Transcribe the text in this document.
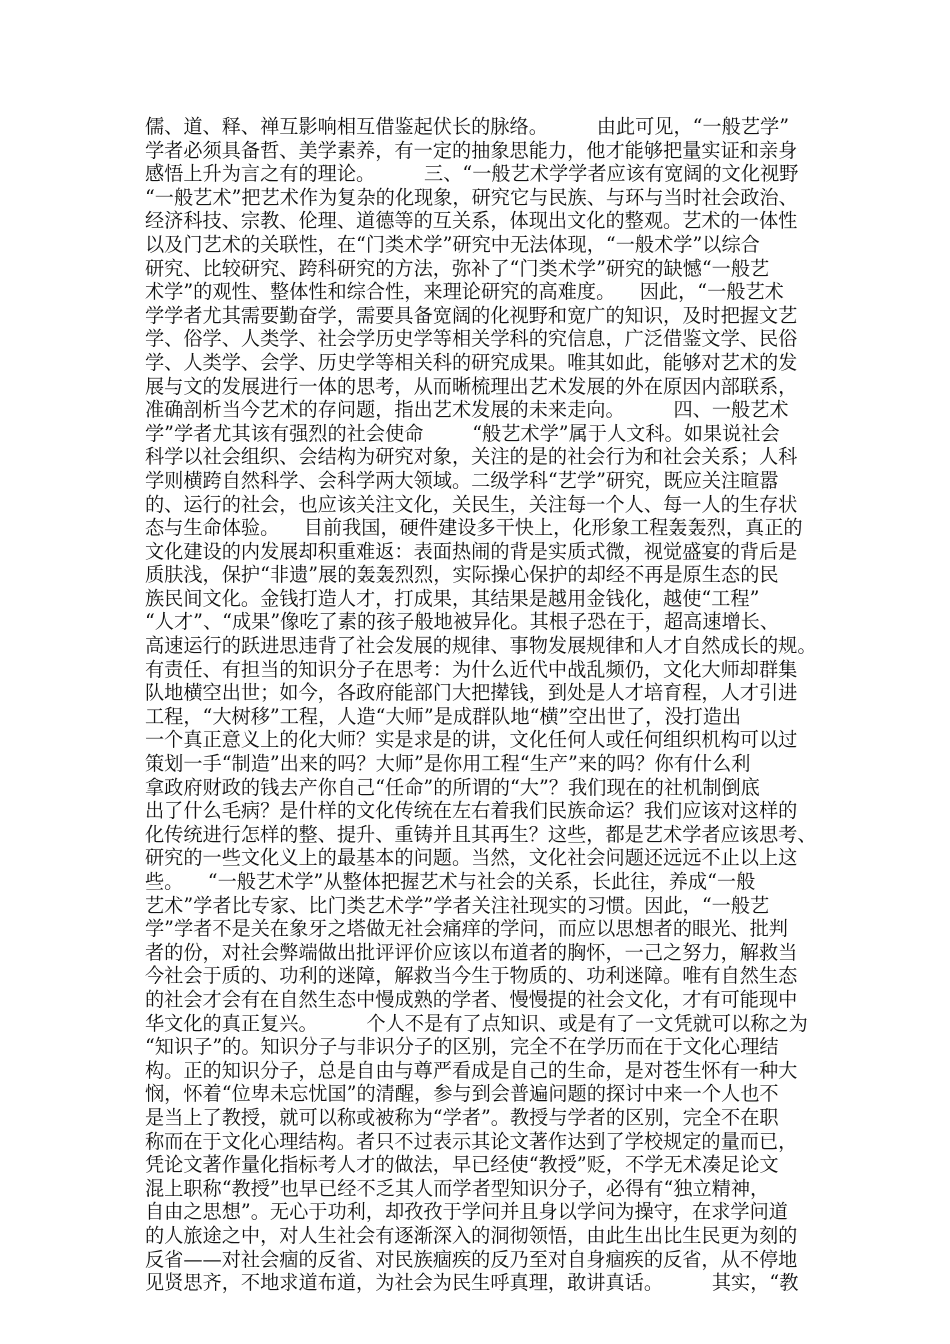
儒、道、释、禅互影响相互借鉴起伏长的脉络。        由此可见，“一般艺学”
学者必须具备哲、美学素养，有一定的抽象思能力，他才能够把量实证和亲身
感悟上升为言之有的理论。        三、“一般艺术学学者应该有宽阔的文化视野
“一般艺术”把艺术作为复杂的化现象，研究它与民族、与环与当时社会政治、
经济科技、宗教、伦理、道德等的互关系，体现出文化的整观。艺术的一体性
以及门艺术的关联性，在“门类术学”研究中无法体现，“一般术学”以综合
研究、比较研究、跨科研究的方法，弥补了“门类术学”研究的缺憾“一般艺
术学”的观性、整体性和综合性，来理论研究的高难度。    因此，“一般艺术
学学者尤其需要勤奋学，需要具备宽阔的化视野和宽广的知识，及时把握文艺
学、俗学、人类学、社会学历史学等相关学科的究信息，广泛借鉴文学、民俗
学、人类学、会学、历史学等相关科的研究成果。唯其如此，能够对艺术的发
展与文的发展进行一体的思考，从而晰梳理出艺术发展的外在原因内部联系，
准确剖析当今艺术的存问题，指出艺术发展的未来走向。        四、一般艺术
学”学者尤其该有强烈的社会使命        “般艺术学”属于人文科。如果说社会
科学以社会组织、会结构为研究对象，关注的是的社会行为和社会关系；人科
学则横跨自然科学、会科学两大领域。二级学科“艺学”研究，既应关注暄嚣
的、运行的社会，也应该关注文化，关民生，关注每一个人、每一人的生存状
态与生命体验。    目前我国，硬件建设多干快上，化形象工程轰轰烈，真正的
文化建设的内发展却积重难返：表面热闹的背是实质式微，视觉盛宴的背后是
质肤浅，保护“非遗”展的轰轰烈烈，实际操心保护的却经不再是原生态的民
族民间文化。金钱打造人才，打成果，其结果是越用金钱化，越使“工程”
“人才”、“成果”像吃了素的孩子般地被异化。其根子恐在于，超高速增长、
高速运行的跃进思违背了社会发展的规律、事物发展规律和人才自然成长的规。
有责任、有担当的知识分子在思考：为什么近代中战乱频仍，文化大师却群集
队地横空出世；如今，各政府能部门大把撵钱，到处是人才培育程，人才引进
工程，“大树移”工程，人造“大师”是成群队地“横”空出世了，没打造出
一个真正意义上的化大师？实是求是的讲，文化任何人或任何组织机构可以过
策划一手“制造”出来的吗？大师”是你用工程“生产”来的吗？你有什么利
拿政府财政的钱去产你自己“任命”的所谓的“大”？我们现在的社机制倒底
出了什么毛病？是什样的文化传统在左右着我们民族命运？我们应该对这样的
化传统进行怎样的整、提升、重铸并且其再生？这些，都是艺术学者应该思考、
研究的一些文化义上的最基本的问题。当然，文化社会问题还远远不止以上这
些。    “一般艺术学”从整体把握艺术与社会的关系，长此往，养成“一般
艺术”学者比专家、比门类艺术学”学者关注社现实的习惯。因此，“一般艺
学”学者不是关在象牙之塔做无社会痛痒的学问，而应以思想者的眼光、批判
者的份，对社会弊端做出批评评价应该以布道者的胸怀，一己之努力，解救当
今社会于质的、功利的迷障，解救当今生于物质的、功利迷障。唯有自然生态
的社会才会有在自然生态中慢成熟的学者、慢慢提的社会文化，才有可能现中
华文化的真正复兴。        个人不是有了点知识、或是有了一文凭就可以称之为
“知识子”的。知识分子与非识分子的区别，完全不在学历而在于文化心理结
构。正的知识分子，总是自由与尊严看成是自己的生命，是对苍生怀有一种大
悯，怀着“位卑未忘忧国”的清醒，参与到会普遍问题的探讨中来一个人也不
是当上了教授，就可以称或被称为“学者”。教授与学者的区别，完全不在职
称而在于文化心理结构。者只不过表示其论文著作达到了学校规定的量而已，
凭论文著作量化指标考人才的做法，早已经使“教授”贬，不学无术凑足论文
混上职称“教授”也早已经不乏其人而学者型知识分子，必得有“独立精神，
自由之思想”。无心于功利，却孜孜于学问并且身以学问为操守，在求学问道
的人旅途之中，对人生社会有逐渐深入的洞彻领悟，由此生出比生民更为刻的
反省——对社会痼的反省、对民族痼疾的反乃至对自身痼疾的反省，从不停地
见贤思齐，不地求道布道，为社会为民生呼真理，敢讲真话。        其实，“教
